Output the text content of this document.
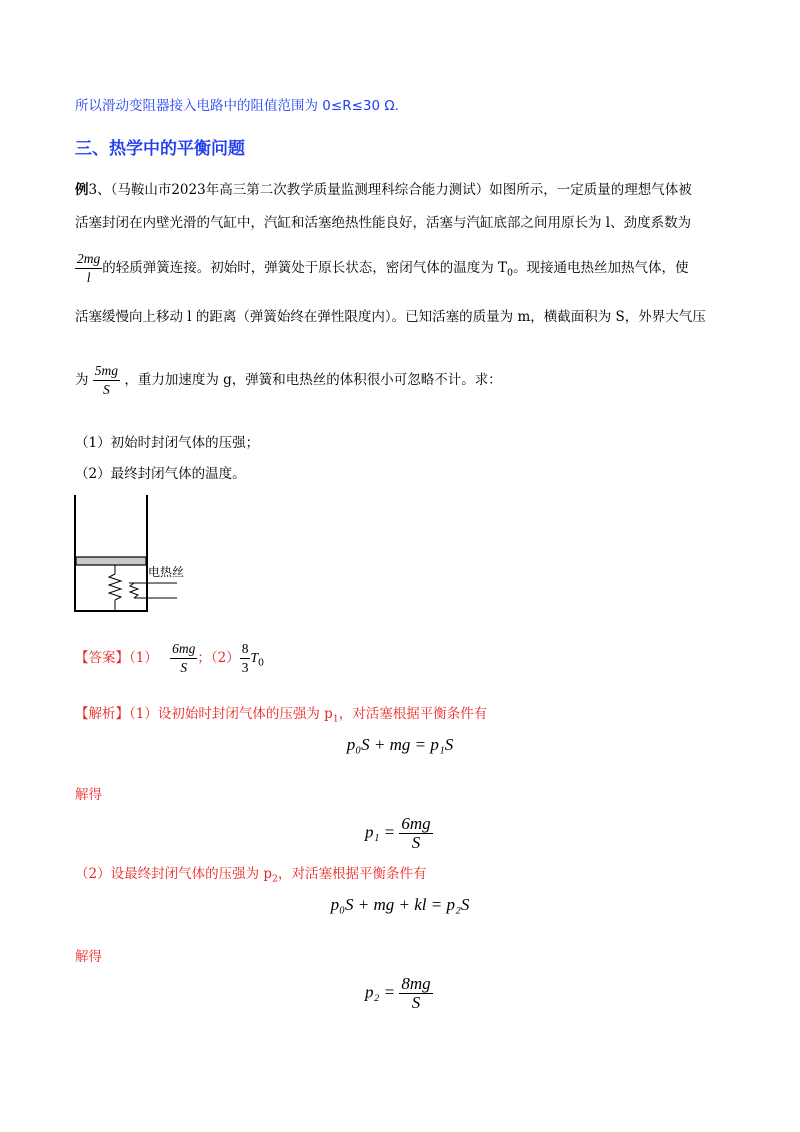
所以滑动变阻器接入电路中的阻值范围为 0≤R≤30 Ω.
三、热学中的平衡问题
例3、（马鞍山市2023年高三第二次教学质量监测理科综合能力测试）如图所示，一定质量的理想气体被
活塞封闭在内壁光滑的气缸中，汽缸和活塞绝热性能良好，活塞与汽缸底部之间用原长为 l、劲度系数为
$\frac{2mg}{l}$ 的轻质弹簧连接。初始时，弹簧处于原长状态，密闭气体的温度为 $T_0$。现接通电热丝加热气体，使
活塞缓慢向上移动 l 的距离（弹簧始终在弹性限度内）。已知活塞的质量为 m，横截面积为 S，外界大气压
为 $\frac{5mg}{S}$ ，重力加速度为 g，弹簧和电热丝的体积很小可忽略不计。求：
（1）初始时封闭气体的压强；
（2）最终封闭气体的温度。
电热丝
【答案】$(1) \frac{6mg}{S}$ ；$(2) \frac{8}{3} T_0$
【解析】（1）设初始时封闭气体的压强为 $p_1$，对活塞根据平衡条件有
p₀S + mg = p₁S
解得
$p_1 = \frac{6mg}{S}$
（2）设最终封闭气体的压强为 $p_2$，对活塞根据平衡条件有
p₀S + mg + kl = p₂S
解得
$p_2 = \frac{8mg}{S}$
